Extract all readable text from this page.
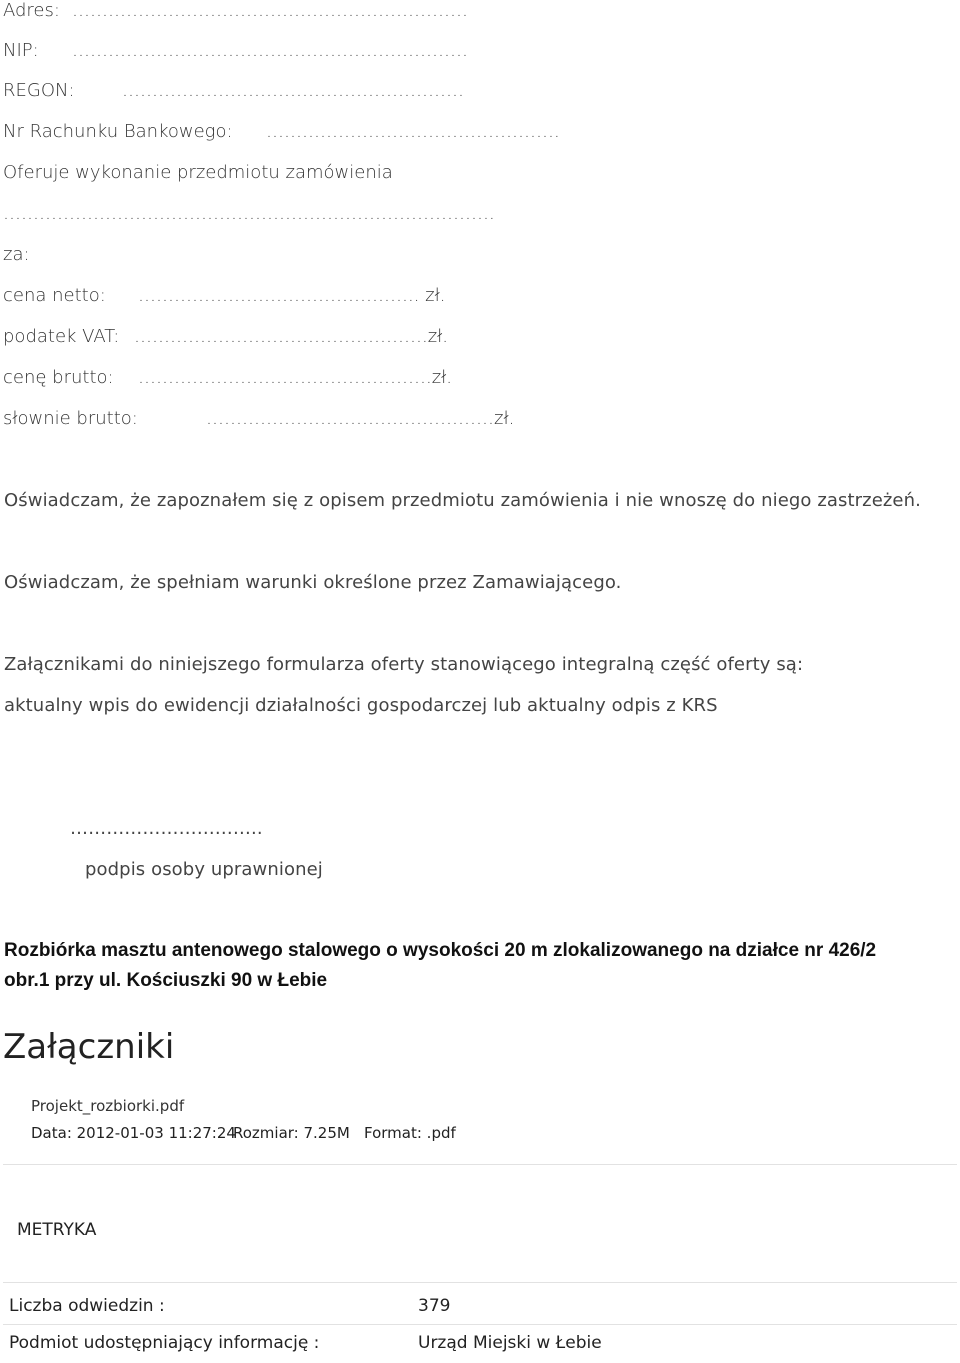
Adres: …………………………………………………………
NIP: …………………………………………………………
REGON:	…………………………………………………
Nr Rachunku Bankowego: ………………………………………….
Oferuje wykonanie przedmiotu zamówienia
……………………………………………………………………….
za:
cena netto: ……………………………………….. zł.
podatek VAT: ………………………………………….zł.
cenę brutto: ………………………………………….zł.
słownie brutto:	…………………………………………zł.
Oświadczam, że zapoznałem się z opisem przedmiotu zamówienia i nie wnoszę do niego zastrzeżeń.
Oświadczam, że spełniam warunki określone przez Zamawiającego.
Załącznikami do niniejszego formularza oferty stanowiącego integralną część oferty są:
aktualny wpis do ewidencji działalności gospodarczej lub aktualny odpis z KRS
…………………………..
podpis osoby uprawnionej
Rozbiórka masztu antenowego stalowego o wysokości 20 m zlokalizowanego na działce nr 426/2
obr.1 przy ul. Kościuszki 90 w Łebie
Załączniki
Projekt_rozbiorki.pdf
Data: 2012-01-03 11:27:24
Rozmiar: 7.25M Format: .pdf
METRYKA
Liczba odwiedzin :	379
Podmiot udostępniający informację :	Urząd Miejski w Łebie
